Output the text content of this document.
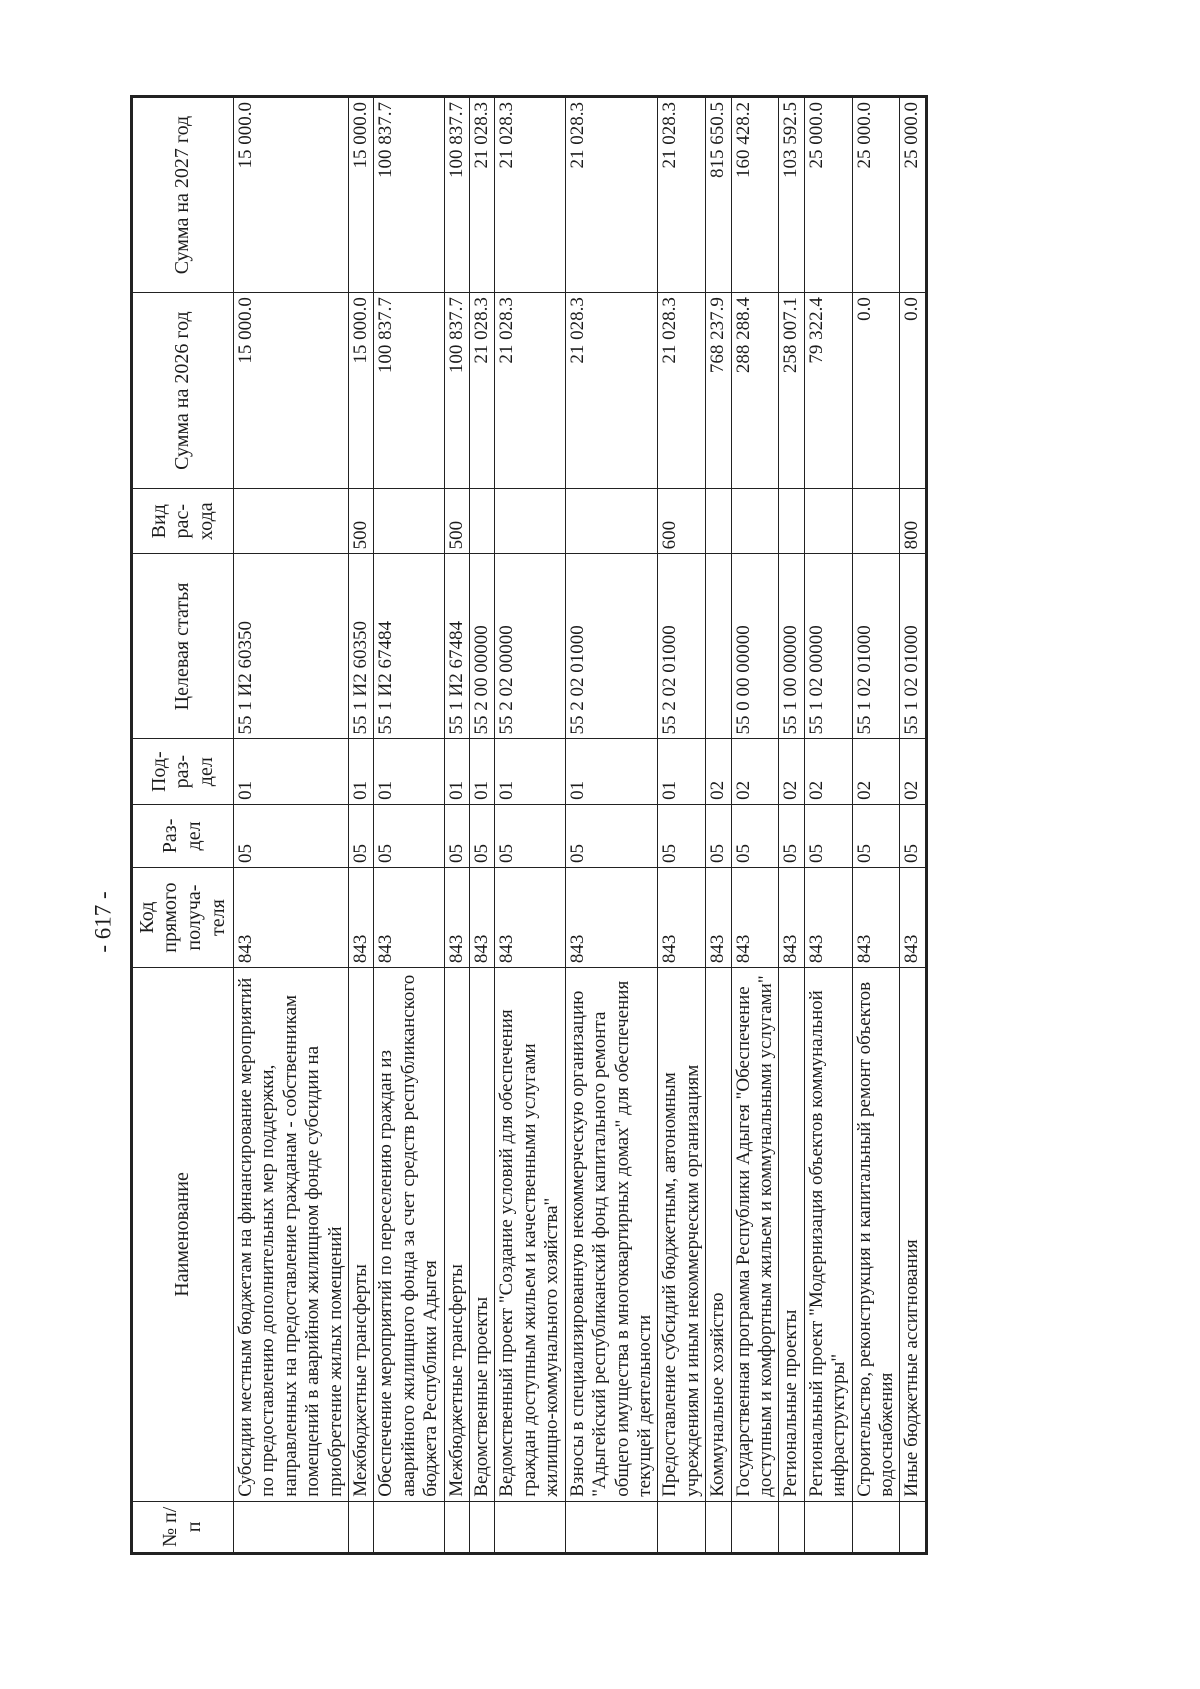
- 617 -
№ п/п	Наименование	Код прямого получа-теля	Раз-дел	Под-раз-дел	Целевая статья	Вид рас-хода	Сумма на 2026 год	Сумма на 2027 год
	Субсидии местным бюджетам на финансирование мероприятий по предоставлению дополнительных мер поддержки, направленных на предоставление гражданам - собственникам помещений в аварийном жилищном фонде субсидии на приобретение жилых помещений	843	05	01	55 1 И2 60350		15 000.0	15 000.0
	Межбюджетные трансферты	843	05	01	55 1 И2 60350	500	15 000.0	15 000.0
	Обеспечение мероприятий по переселению граждан из аварийного жилищного фонда за счет средств республиканского бюджета Республики Адыгея	843	05	01	55 1 И2 67484		100 837.7	100 837.7
	Межбюджетные трансферты	843	05	01	55 1 И2 67484	500	100 837.7	100 837.7
	Ведомственные проекты	843	05	01	55 2 00 00000		21 028.3	21 028.3
	Ведомственный проект "Создание условий для обеспечения граждан доступным жильем и качественными услугами жилищно-коммунального хозяйства"	843	05	01	55 2 02 00000		21 028.3	21 028.3
	Взносы в специализированную некоммерческую организацию "Адыгейский республиканский фонд капитального ремонта общего имущества в многоквартирных домах" для обеспечения текущей деятельности	843	05	01	55 2 02 01000		21 028.3	21 028.3
	Предоставление субсидий бюджетным, автономным учреждениям и иным некоммерческим организациям	843	05	01	55 2 02 01000	600	21 028.3	21 028.3
	Коммунальное хозяйство	843	05	02			768 237.9	815 650.5
	Государственная программа Республики Адыгея "Обеспечение доступным и комфортным жильем и коммунальными услугами"	843	05	02	55 0 00 00000		288 288.4	160 428.2
	Региональные проекты	843	05	02	55 1 00 00000		258 007.1	103 592.5
	Региональный проект "Модернизация объектов коммунальной инфраструктуры"	843	05	02	55 1 02 00000		79 322.4	25 000.0
	Строительство, реконструкция и капитальный ремонт объектов водоснабжения	843	05	02	55 1 02 01000		0.0	25 000.0
	Иные бюджетные ассигнования	843	05	02	55 1 02 01000	800	0.0	25 000.0
